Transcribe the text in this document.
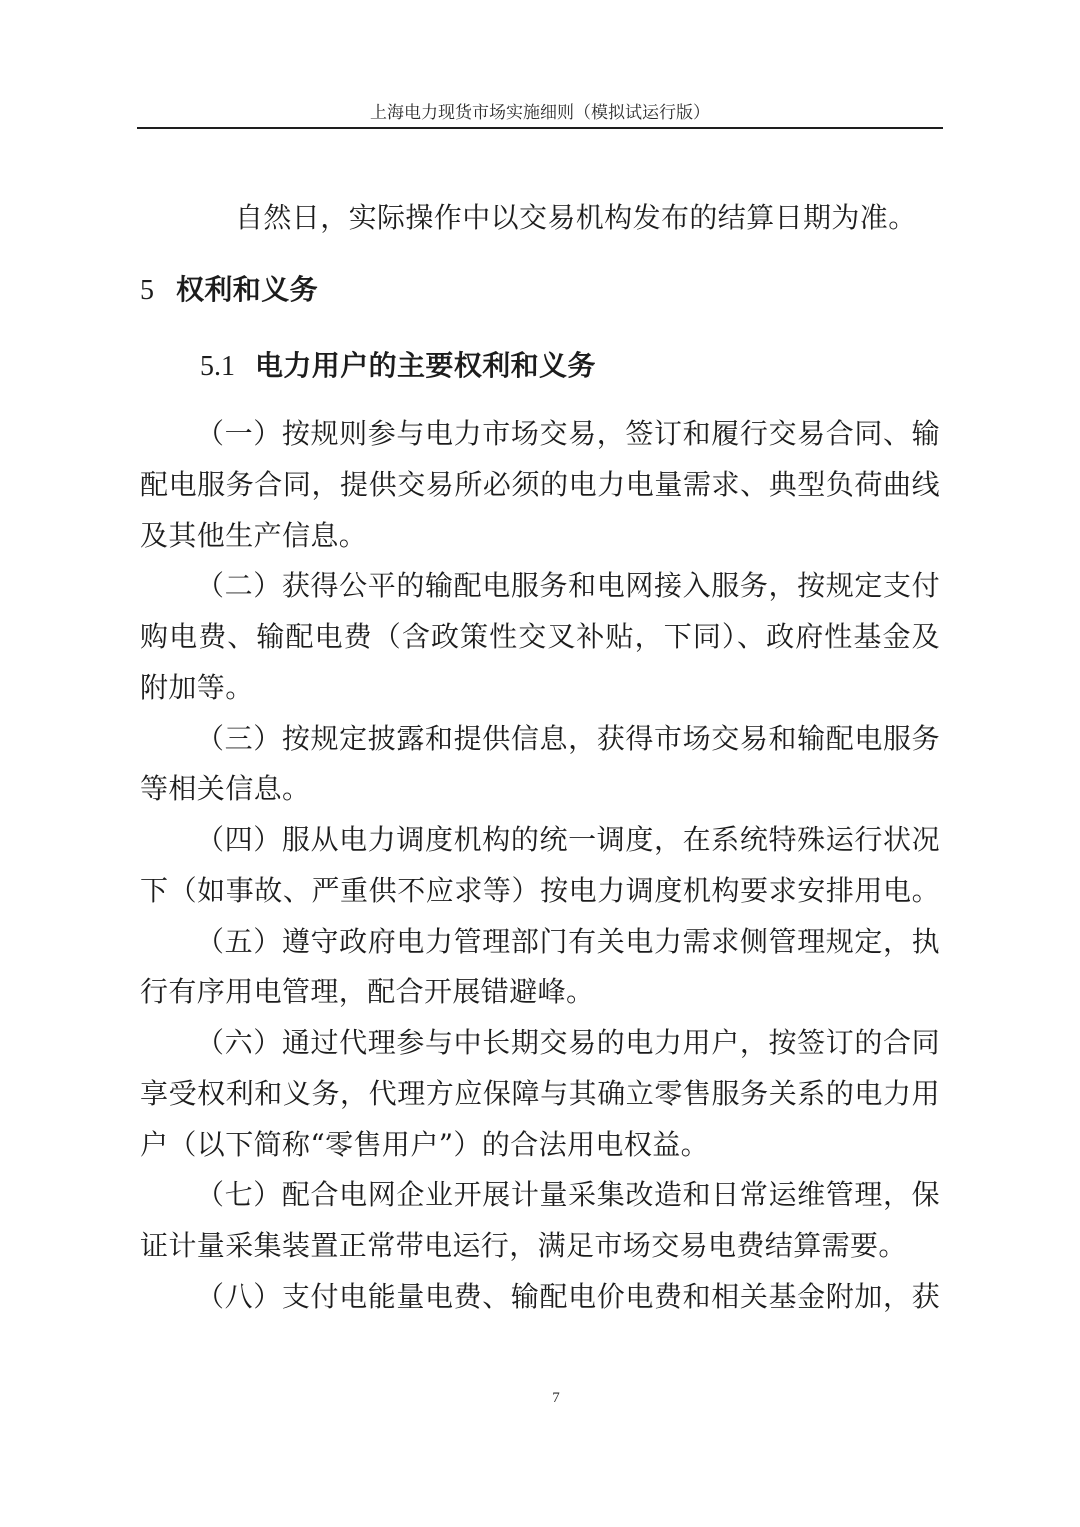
上海电力现货市场实施细则（模拟试运行版）
自然日，实际操作中以交易机构发布的结算日期为准。
5 权利和义务
5.1 电力用户的主要权利和义务
（一）按规则参与电力市场交易，签订和履行交易合同、输
配电服务合同，提供交易所必须的电力电量需求、典型负荷曲线
及其他生产信息。
（二）获得公平的输配电服务和电网接入服务，按规定支付
购电费、输配电费（含政策性交叉补贴，下同）、政府性基金及
附加等。
（三）按规定披露和提供信息，获得市场交易和输配电服务
等相关信息。
（四）服从电力调度机构的统一调度，在系统特殊运行状况
下（如事故、严重供不应求等）按电力调度机构要求安排用电。
（五）遵守政府电力管理部门有关电力需求侧管理规定，执
行有序用电管理，配合开展错避峰。
（六）通过代理参与中长期交易的电力用户，按签订的合同
享受权利和义务，代理方应保障与其确立零售服务关系的电力用
户（以下简称“零售用户”）的合法用电权益。
（七）配合电网企业开展计量采集改造和日常运维管理，保
证计量采集装置正常带电运行，满足市场交易电费结算需要。
（八）支付电能量电费、输配电价电费和相关基金附加，获
7
